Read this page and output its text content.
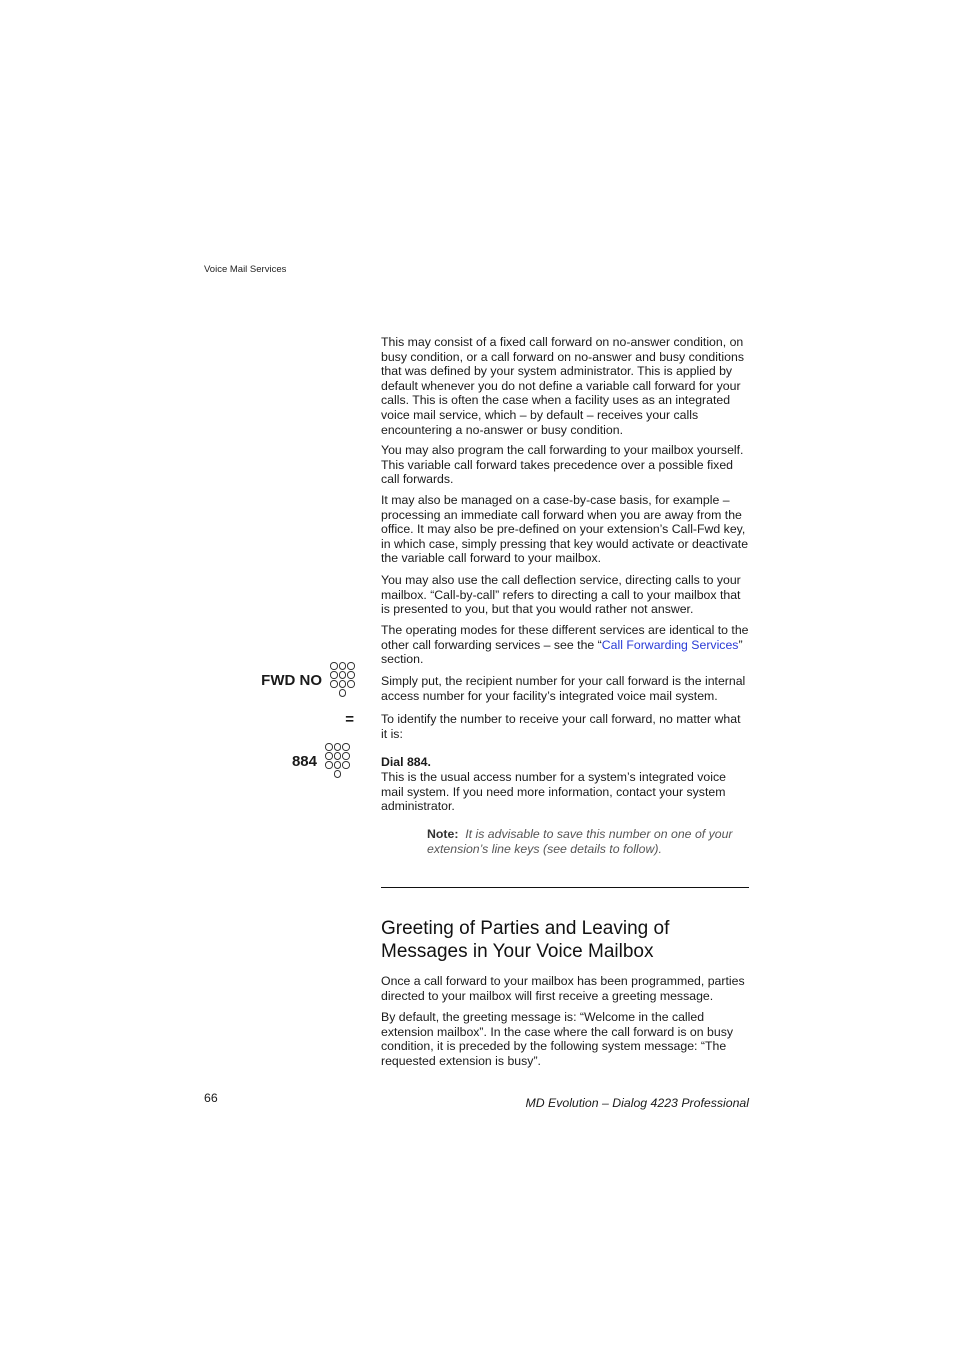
Voice Mail Services
This may consist of a fixed call forward on no-answer condition, on busy condition, or a call forward on no-answer and busy conditions that was defined by your system administrator. This is applied by default whenever you do not define a variable call forward for your calls. This is often the case when a facility uses as an integrated voice mail service, which – by default – receives your calls encountering a no-answer or busy condition.
You may also program the call forwarding to your mailbox yourself. This variable call forward takes precedence over a possible fixed call forwards.
It may also be managed on a case-by-case basis, for example – processing an immediate call forward when you are away from the office. It may also be pre-defined on your extension’s Call-Fwd key, in which case, simply pressing that key would activate or deactivate the variable call forward to your mailbox.
You may also use the call deflection service, directing calls to your mailbox. “Call-by-call” refers to directing a call to your mailbox that is presented to you, but that you would rather not answer.
The operating modes for these different services are identical to the other call forwarding services – see the “Call Forwarding Services” section.
FWD NO	Simply put, the recipient number for your call forward is the internal access number for your facility’s integrated voice mail system.
= To identify the number to receive your call forward, no matter what it is:
884	Dial 884.
This is the usual access number for a system’s integrated voice mail system. If you need more information, contact your system administrator.
Note: It is advisable to save this number on one of your extension’s line keys (see details to follow).
Greeting of Parties and Leaving of Messages in Your Voice Mailbox
Once a call forward to your mailbox has been programmed, parties directed to your mailbox will first receive a greeting message.
By default, the greeting message is: “Welcome in the called extension mailbox”. In the case where the call forward is on busy condition, it is preceded by the following system message: “The requested extension is busy”.
66	MD Evolution – Dialog 4223 Professional
